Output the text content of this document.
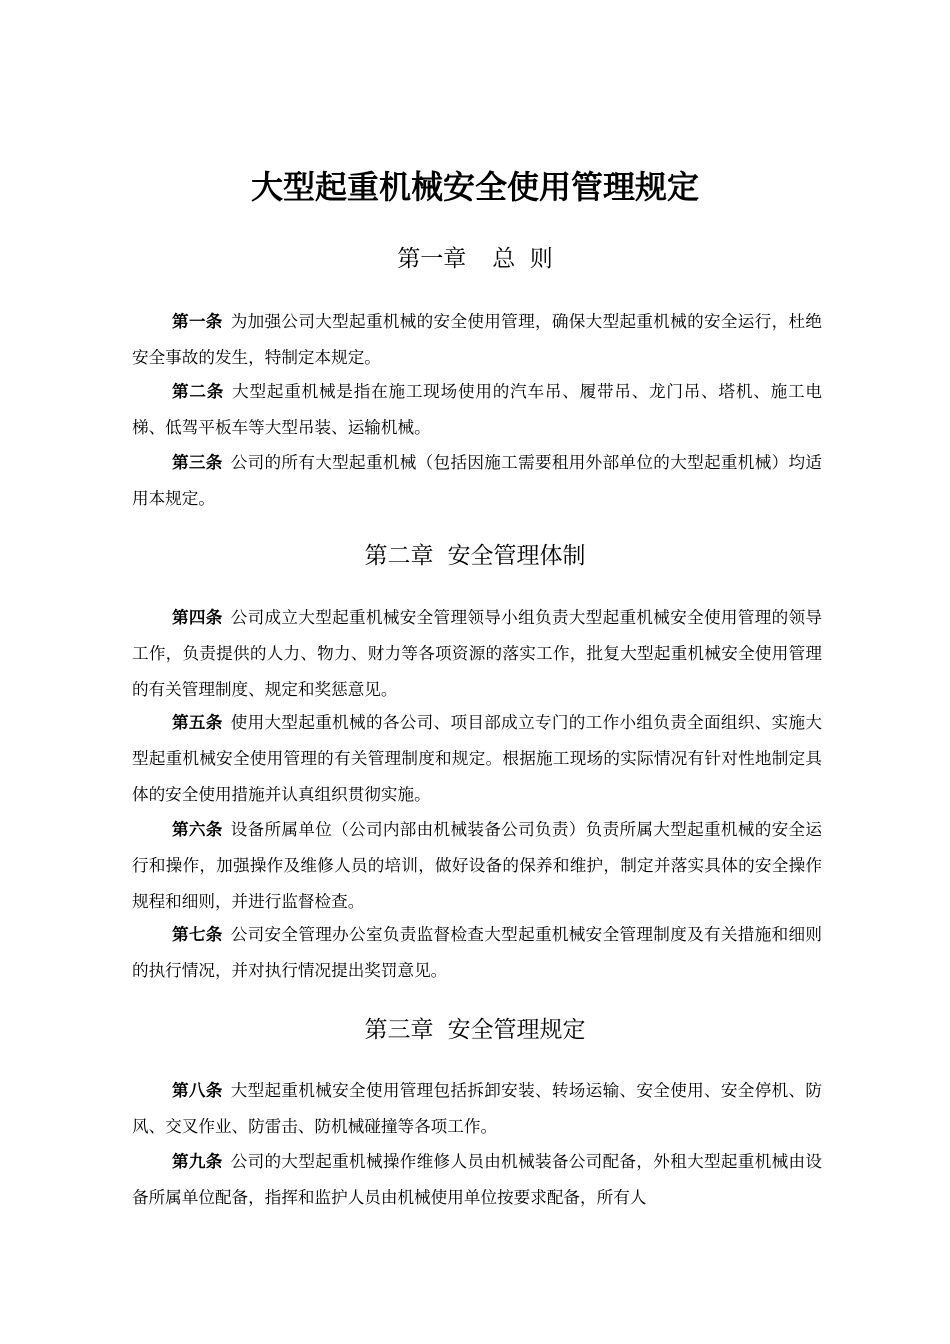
大型起重机械安全使用管理规定
第一章 总  则
第一条 为加强公司大型起重机械的安全使用管理，确保大型起重机械的安全运行，杜绝安全事故的发生，特制定本规定。
第二条 大型起重机械是指在施工现场使用的汽车吊、履带吊、龙门吊、塔机、施工电梯、低驾平板车等大型吊装、运输机械。
第三条 公司的所有大型起重机械（包括因施工需要租用外部单位的大型起重机械）均适用本规定。
第二章 安全管理体制
第四条 公司成立大型起重机械安全管理领导小组负责大型起重机械安全使用管理的领导工作，负责提供的人力、物力、财力等各项资源的落实工作，批复大型起重机械安全使用管理的有关管理制度、规定和奖惩意见。
第五条 使用大型起重机械的各公司、项目部成立专门的工作小组负责全面组织、实施大型起重机械安全使用管理的有关管理制度和规定。根据施工现场的实际情况有针对性地制定具体的安全使用措施并认真组织贯彻实施。
第六条 设备所属单位（公司内部由机械装备公司负责）负责所属大型起重机械的安全运行和操作，加强操作及维修人员的培训，做好设备的保养和维护，制定并落实具体的安全操作规程和细则，并进行监督检查。
第七条 公司安全管理办公室负责监督检查大型起重机械安全管理制度及有关措施和细则的执行情况，并对执行情况提出奖罚意见。
第三章 安全管理规定
第八条 大型起重机械安全使用管理包括拆卸安装、转场运输、安全使用、安全停机、防风、交叉作业、防雷击、防机械碰撞等各项工作。
第九条 公司的大型起重机械操作维修人员由机械装备公司配备，外租大型起重机械由设备所属单位配备，指挥和监护人员由机械使用单位按要求配备，所有人
